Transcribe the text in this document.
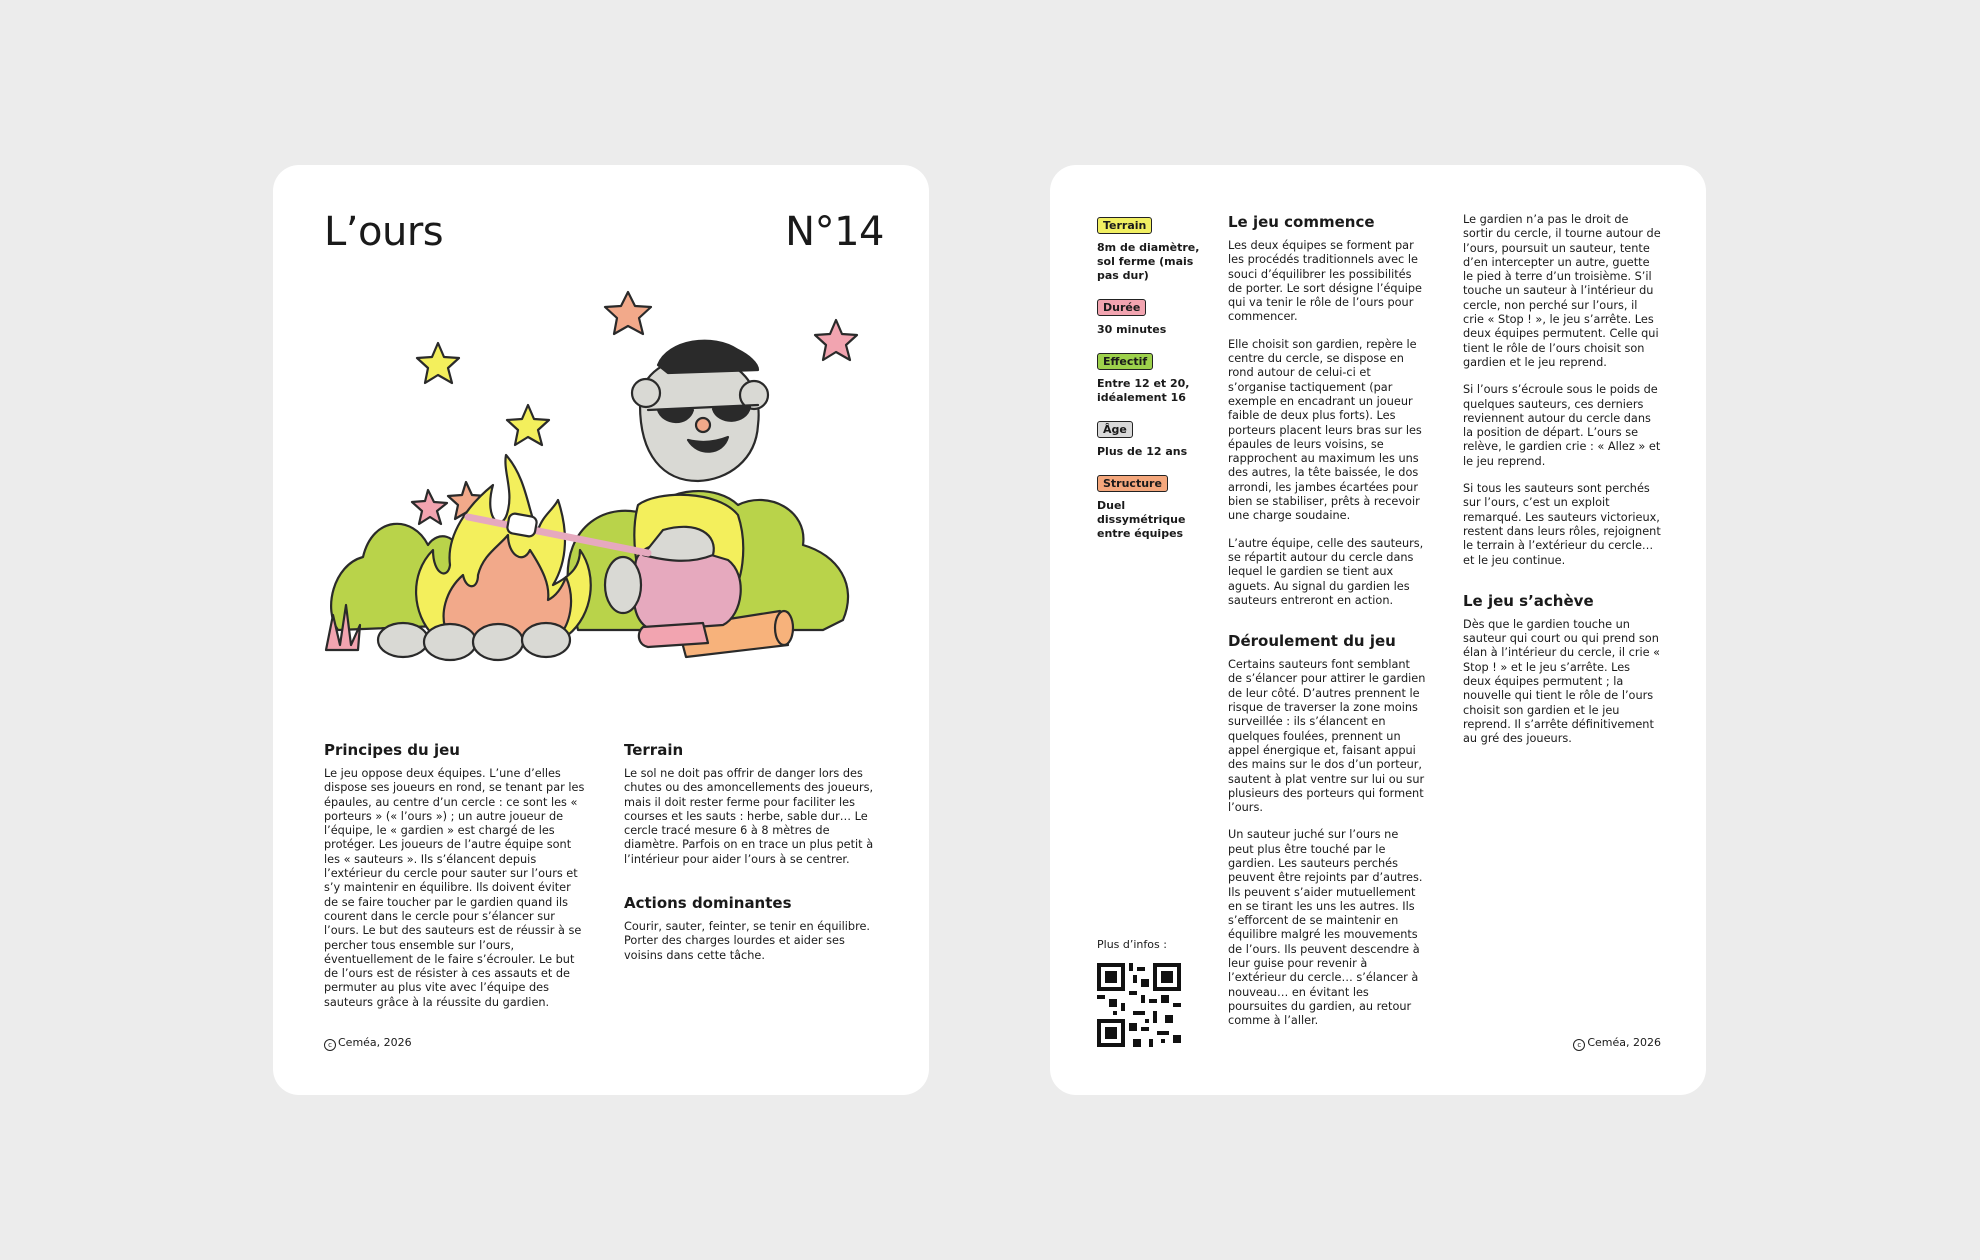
L’ours	N°14

Principes du jeu

Le jeu oppose deux équipes. L’une d’elles dispose ses joueurs en rond, se tenant par les épaules, au centre d’un cercle : ce sont les « porteurs » (« l’ours ») ; un autre joueur de l’équipe, le « gardien » est chargé de les protéger. Les joueurs de l’autre équipe sont les « sauteurs ». Ils s’élancent depuis l’extérieur du cercle pour sauter sur l’ours et s’y maintenir en équilibre. Ils doivent éviter de se faire toucher par le gardien quand ils courent dans le cercle pour s’élancer sur l’ours. Le but des sauteurs est de réussir à se percher tous ensemble sur l’ours, éventuellement de le faire s’écrouler. Le but de l’ours est de résister à ces assauts et de permuter au plus vite avec l’équipe des sauteurs grâce à la réussite du gardien.

Terrain

Le sol ne doit pas offrir de danger lors des chutes ou des amoncellements des joueurs, mais il doit rester ferme pour faciliter les courses et les sauts : herbe, sable dur… Le cercle tracé mesure 6 à 8 mètres de diamètre. Parfois on en trace un plus petit à l’intérieur pour aider l’ours à se centrer.

Actions dominantes

Courir, sauter, feinter, se tenir en équilibre. Porter des charges lourdes et aider ses voisins dans cette tâche.

c Ceméa, 2026
Terrain

8m de diamètre, sol ferme (mais pas dur)

Durée

30 minutes

Effectif

Entre 12 et 20, idéalement 16

Âge

Plus de 12 ans

Structure

Duel dissymétrique entre équipes

Plus d’infos :

Le jeu commence

Les deux équipes se forment par les procédés traditionnels avec le souci d’équilibrer les possibilités de porter. Le sort désigne l’équipe qui va tenir le rôle de l’ours pour commencer.

Elle choisit son gardien, repère le centre du cercle, se dispose en rond autour de celui-ci et s’organise tactiquement (par exemple en encadrant un joueur faible de deux plus forts). Les porteurs placent leurs bras sur les épaules de leurs voisins, se rapprochent au maximum les uns des autres, la tête baissée, le dos arrondi, les jambes écartées pour bien se stabiliser, prêts à recevoir une charge soudaine.

L’autre équipe, celle des sauteurs, se répartit autour du cercle dans lequel le gardien se tient aux aguets. Au signal du gardien les sauteurs entreront en action.

Déroulement du jeu

Certains sauteurs font semblant de s’élancer pour attirer le gardien de leur côté. D’autres prennent le risque de traverser la zone moins surveillée : ils s’élancent en quelques foulées, prennent un appel énergique et, faisant appui des mains sur le dos d’un porteur, sautent à plat ventre sur lui ou sur plusieurs des porteurs qui forment l’ours.

Un sauteur juché sur l’ours ne peut plus être touché par le gardien. Les sauteurs perchés peuvent être rejoints par d’autres. Ils peuvent s’aider mutuellement en se tirant les uns les autres. Ils s’efforcent de se maintenir en équilibre malgré les mouvements de l’ours. Ils peuvent descendre à leur guise pour revenir à l’extérieur du cercle… s’élancer à nouveau… en évitant les poursuites du gardien, au retour comme à l’aller.

Le gardien n’a pas le droit de sortir du cercle, il tourne autour de l’ours, poursuit un sauteur, tente d’en intercepter un autre, guette le pied à terre d’un troisième. S’il touche un sauteur à l’intérieur du cercle, non perché sur l’ours, il crie « Stop ! », le jeu s’arrête. Les deux équipes permutent. Celle qui tient le rôle de l’ours choisit son gardien et le jeu reprend.

Si l’ours s’écroule sous le poids de quelques sauteurs, ces derniers reviennent autour du cercle dans la position de départ. L’ours se relève, le gardien crie : « Allez » et le jeu reprend.

Si tous les sauteurs sont perchés sur l’ours, c’est un exploit remarqué. Les sauteurs victorieux, restent dans leurs rôles, rejoignent le terrain à l’extérieur du cercle… et le jeu continue.

Le jeu s’achève

Dès que le gardien touche un sauteur qui court ou qui prend son élan à l’intérieur du cercle, il crie « Stop ! » et le jeu s’arrête. Les deux équipes permutent ; la nouvelle qui tient le rôle de l’ours choisit son gardien et le jeu reprend. Il s’arrête définitivement au gré des joueurs.

c Ceméa, 2026
